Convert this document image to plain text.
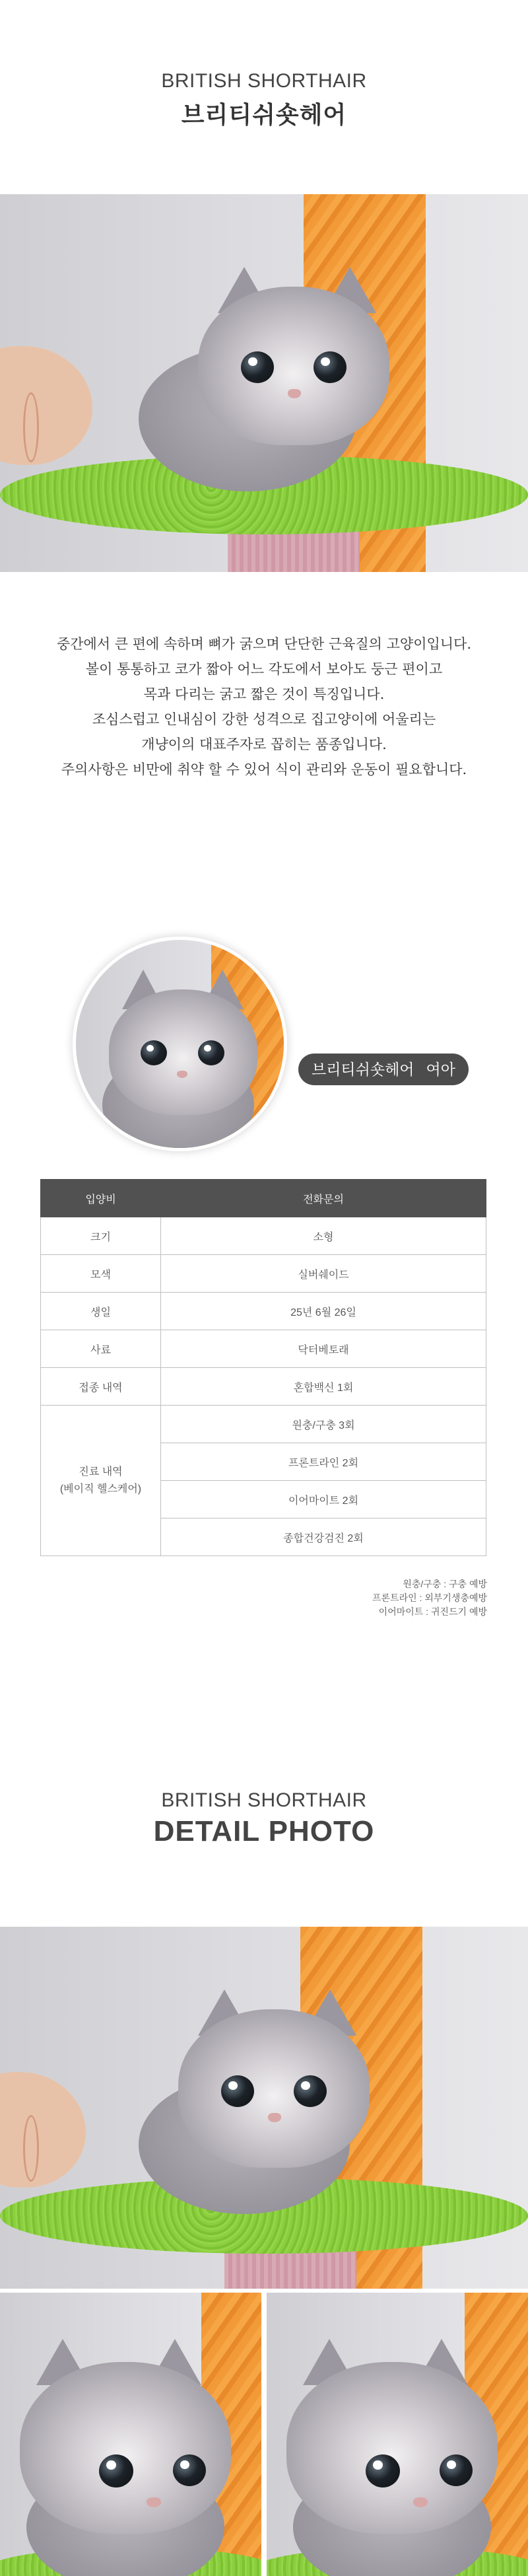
BRITISH SHORTHAIR
브리티쉬숏헤어

중간에서 큰 편에 속하며 뼈가 굵으며 단단한 근육질의 고양이입니다.

볼이 통통하고 코가 짧아 어느 각도에서 보아도 둥근 편이고

목과 다리는 굵고 짧은 것이 특징입니다.

조심스럽고 인내심이 강한 성격으로 집고양이에 어울리는

개냥이의 대표주자로 꼽히는 품종입니다.

주의사항은 비만에 취약 할 수 있어 식이 관리와 운동이 필요합니다.

브리티쉬숏헤어 여아
입양비	전화문의
크기	소형
모색	실버쉐이드
생일	25년 6월 26일
사료	닥터베토래
접종 내역	혼합백신 1회

진료 내역
(베이직 헬스케어)	원충/구충 3회
	프론트라인 2회
	이어마이트 2회
	종합건강검진 2회
원충/구충 : 구충 예방
프론트라인 : 외부기생충예방
이어마이트 : 귀진드기 예방
BRITISH SHORTHAIR
DETAIL PHOTO
